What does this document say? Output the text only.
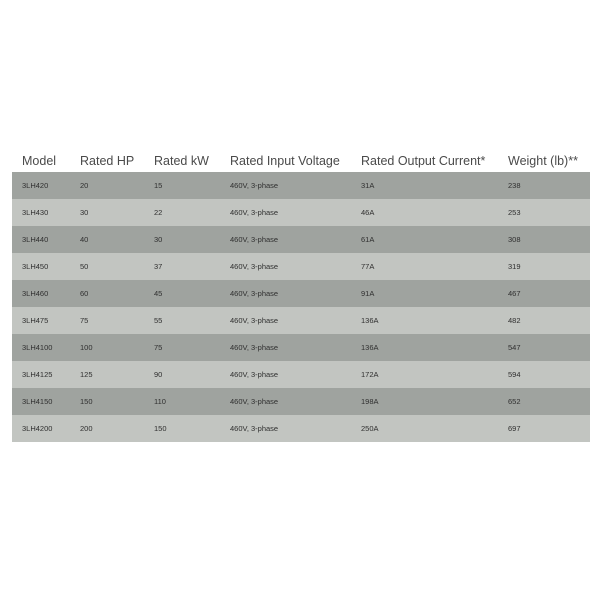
Model	Rated HP	Rated kW	Rated Input Voltage	Rated Output Current*	Weight (lb)**
3LH420	20	15	460V, 3-phase	31A	238
3LH430	30	22	460V, 3-phase	46A	253
3LH440	40	30	460V, 3-phase	61A	308
3LH450	50	37	460V, 3-phase	77A	319
3LH460	60	45	460V, 3-phase	91A	467
3LH475	75	55	460V, 3-phase	136A	482
3LH4100	100	75	460V, 3-phase	136A	547
3LH4125	125	90	460V, 3-phase	172A	594
3LH4150	150	110	460V, 3-phase	198A	652
3LH4200	200	150	460V, 3-phase	250A	697
